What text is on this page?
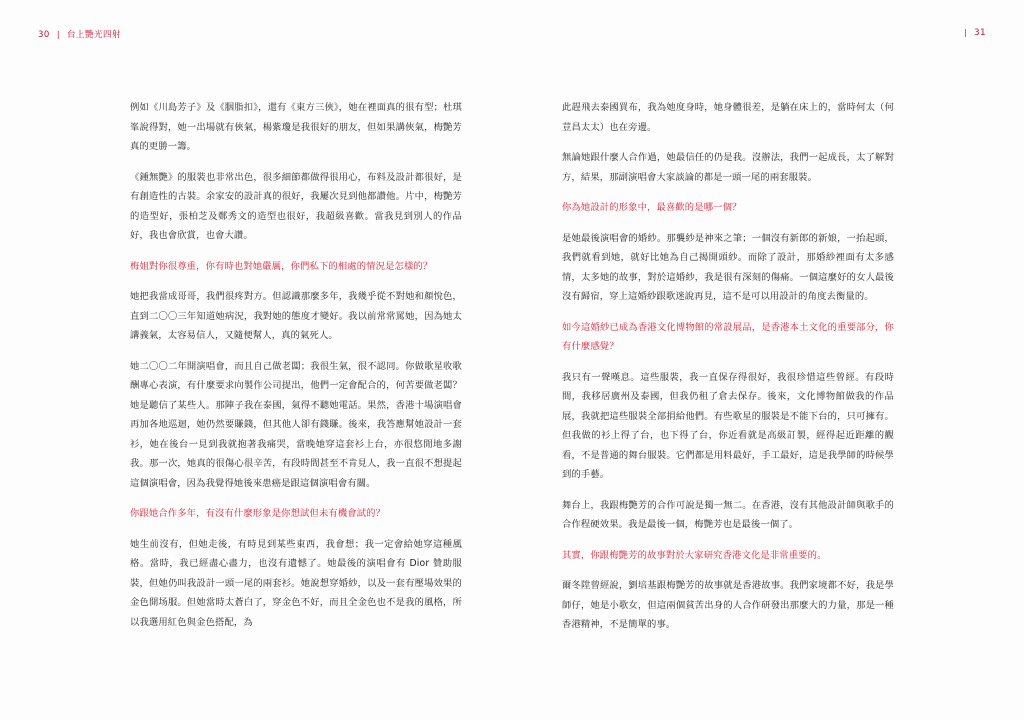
30 | 台上艷光四射	| 31

例如《川島芳子》及《胭脂扣》，還有《東方三俠》，她在裡面真的很有型；杜琪峯說得對，她一出場就有俠氣，楊紫瓊是我很好的朋友，但如果講俠氣，梅艷芳真的更勝一籌。

《鍾無艷》的服裝也非常出色，很多細節都做得很用心，布料及設計都很好，是有創造性的古裝。余家安的設計真的很好，我屢次見到他都讚他。片中，梅艷芳的造型好，張柏芝及鄭秀文的造型也很好，我超級喜歡。當我見到別人的作品好，我也會欣賞，也會大讚。

梅姐對你很尊重，你有時也對她嚴厲，你們私下的相處的情況是怎樣的？

她把我當成哥哥，我們很疼對方。但認識那麼多年，我幾乎從不對她和顏悅色，直到二〇〇三年知道她病況，我對她的態度才變好。我以前常常罵她，因為她太講義氣，太容易信人，又隨便幫人，真的氣死人。

她二〇〇二年開演唱會，而且自己做老闆；我很生氣，很不認同。你做歌星收歌酬專心表演，有什麼要求向製作公司提出，他們一定會配合的，何苦要做老闆？她是聽信了某些人。那陣子我在泰國，氣得不聽她電話。果然，香港十場演唱會再加各地巡迴，她仍然要賺錢，但其他人卻有錢賺。後來，我答應幫她設計一套衫，她在後台一見到我就抱著我痛哭，當晚她穿這套衫上台，亦很悠閒地多謝我。那一次，她真的很傷心很辛苦，有段時間甚至不肯見人，我一直很不想提起這個演唱會，因為我覺得她後來患癌是跟這個演唱會有關。

你跟她合作多年，有沒有什麼形象是你想試但未有機會試的？

她生前沒有，但她走後，有時見到某些東西，我會想；我一定會給她穿這種風格。當時，我已經盡心盡力，也沒有遺憾了。她最後的演唱會有 Dior 贊助服裝，但她仍叫我設計一頭一尾的兩套衫。她說想穿婚紗，以及一套有壓場效果的金色開场服。但她當時太蒼白了，穿金色不好，而且全金色也不是我的風格，所以我選用紅色與金色搭配，為

此趕飛去泰國買布，我為她度身時，她身體很差，是躺在床上的，當時何太（何荳昌太太）也在旁邊。

無論她跟什麼人合作過，她最信任的仍是我。沒辦法，我們一起成長，太了解對方，結果，那副演唱會大家談論的都是一頭一尾的兩套服裝。

你為她設計的形象中，最喜歡的是哪一個？

是她最後演唱會的婚紗。那襲紗是神來之筆；一個沒有新郎的新娘，一抬起頭，我們就看到她，就好比她為自己揭開頭紗。而除了設計，那婚紗裡面有太多感情，太多她的故事，對於這婚紗，我是很有深刻的傷痛。一個這麼好的女人最後沒有歸宿，穿上這婚紗跟歌迷說再見，這不是可以用設計的角度去衡量的。

如今這婚紗已成為香港文化博物館的常設展品，是香港本土文化的重要部分，你有什麼感覺？

我只有一聲嘆息。這些服裝，我一直保存得很好，我很珍惜這些曾經。有段時間，我移居廣州及泰國，但我仍租了倉去保存。後來，文化博物館做我的作品展，我就把這些服裝全部捐給他們。有些歌星的服裝是不能下台的，只可擁有。但我做的衫上得了台，也下得了台，你近看就是高級訂製，經得起近距離的觀看，不是普通的舞台服裝。它們都是用料最好，手工最好，這是我學師的時候學到的手藝。

舞台上，我跟梅艷芳的合作可說是獨一無二。在香港，沒有其他設計師與歌手的合作程硬效果。我是最後一個，梅艷芳也是最後一個了。

其實，你跟梅艷芳的故事對於大家研究香港文化是非常重要的。

爾冬陞曾經說，劉培基跟梅艷芳的故事就是香港故事。我們家境都不好，我是學師仔，她是小歌女，但這兩個貧苦出身的人合作研發出那麼大的力量，那是一種香港精神，不是簡單的事。
